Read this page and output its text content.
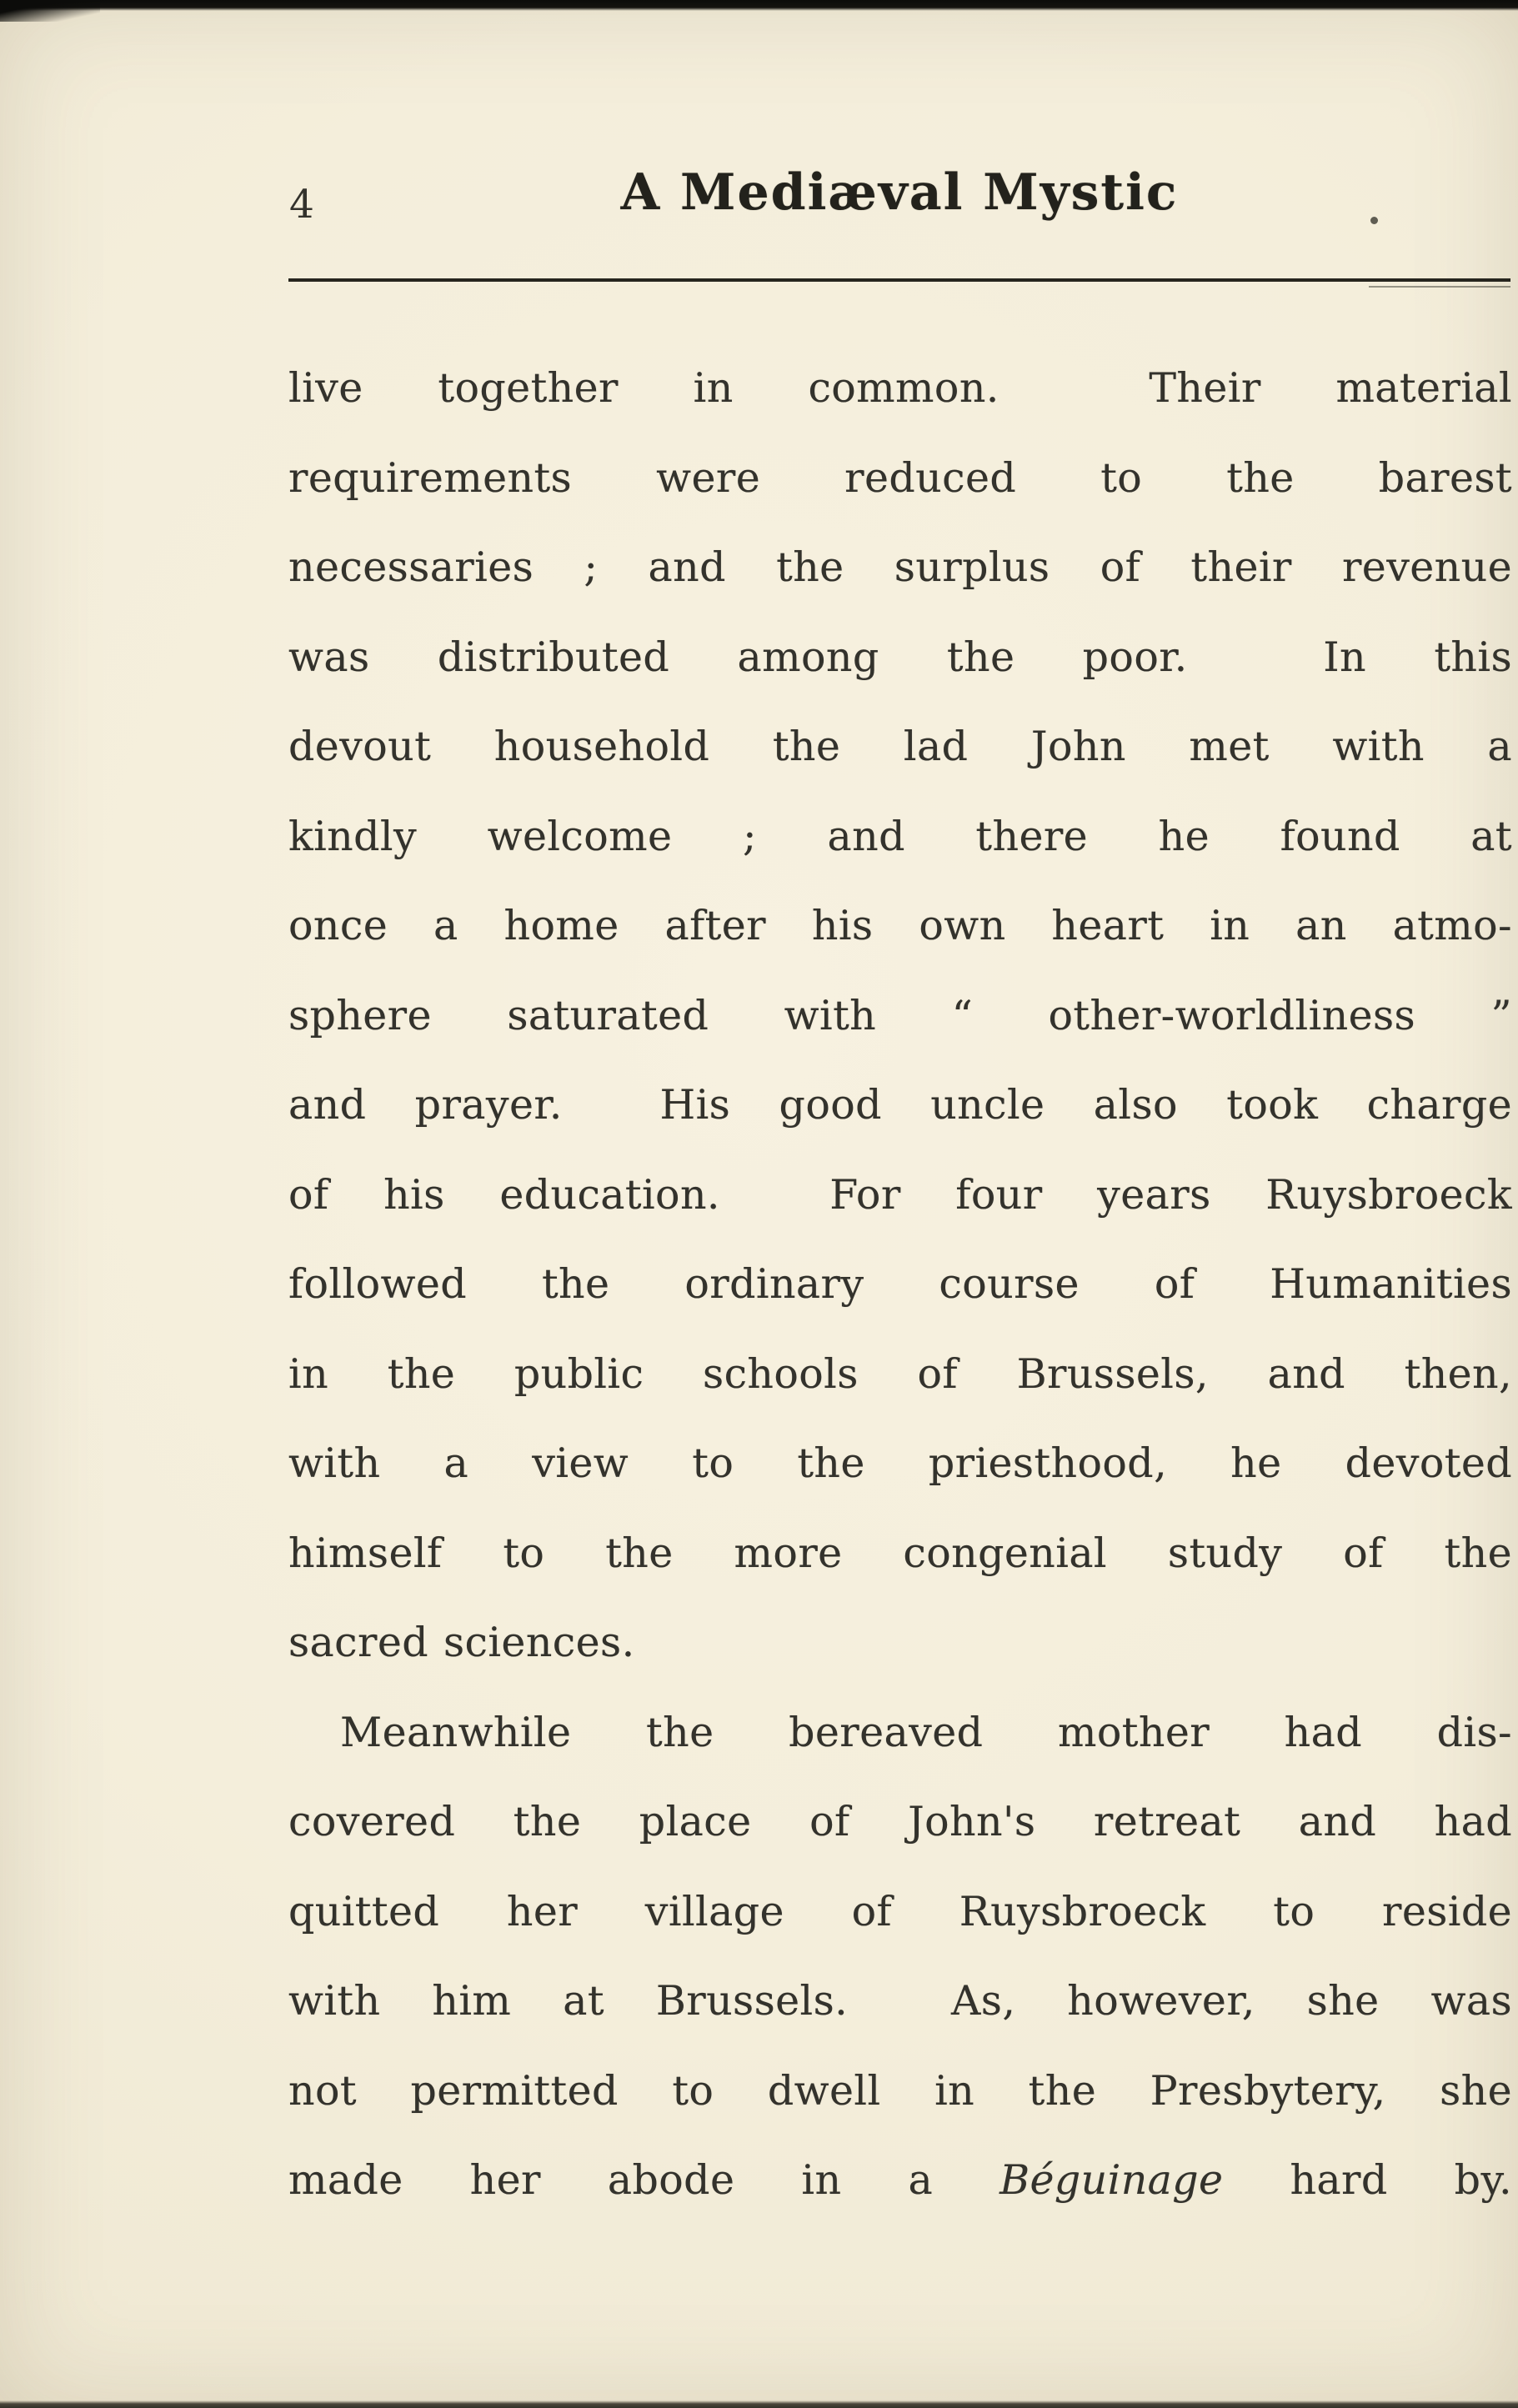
4	A Mediæval Mystic
live together in common.  Their material
requirements were reduced to the barest
necessaries ; and the surplus of their revenue
was distributed among the poor.  In this
devout household the lad John met with a
kindly welcome ; and there he found at
once a home after his own heart in an atmo-
sphere saturated with “ other-worldliness ”
and prayer.  His good uncle also took charge
of his education.  For four years Ruysbroeck
followed the ordinary course of Humanities
in the public schools of Brussels, and then,
with a view to the priesthood, he devoted
himself to the more congenial study of the
sacred sciences.
Meanwhile the bereaved mother had dis-
covered the place of John's retreat and had
quitted her village of Ruysbroeck to reside
with him at Brussels.  As, however, she was
not permitted to dwell in the Presbytery, she
made her abode in a Béguinage hard by.
